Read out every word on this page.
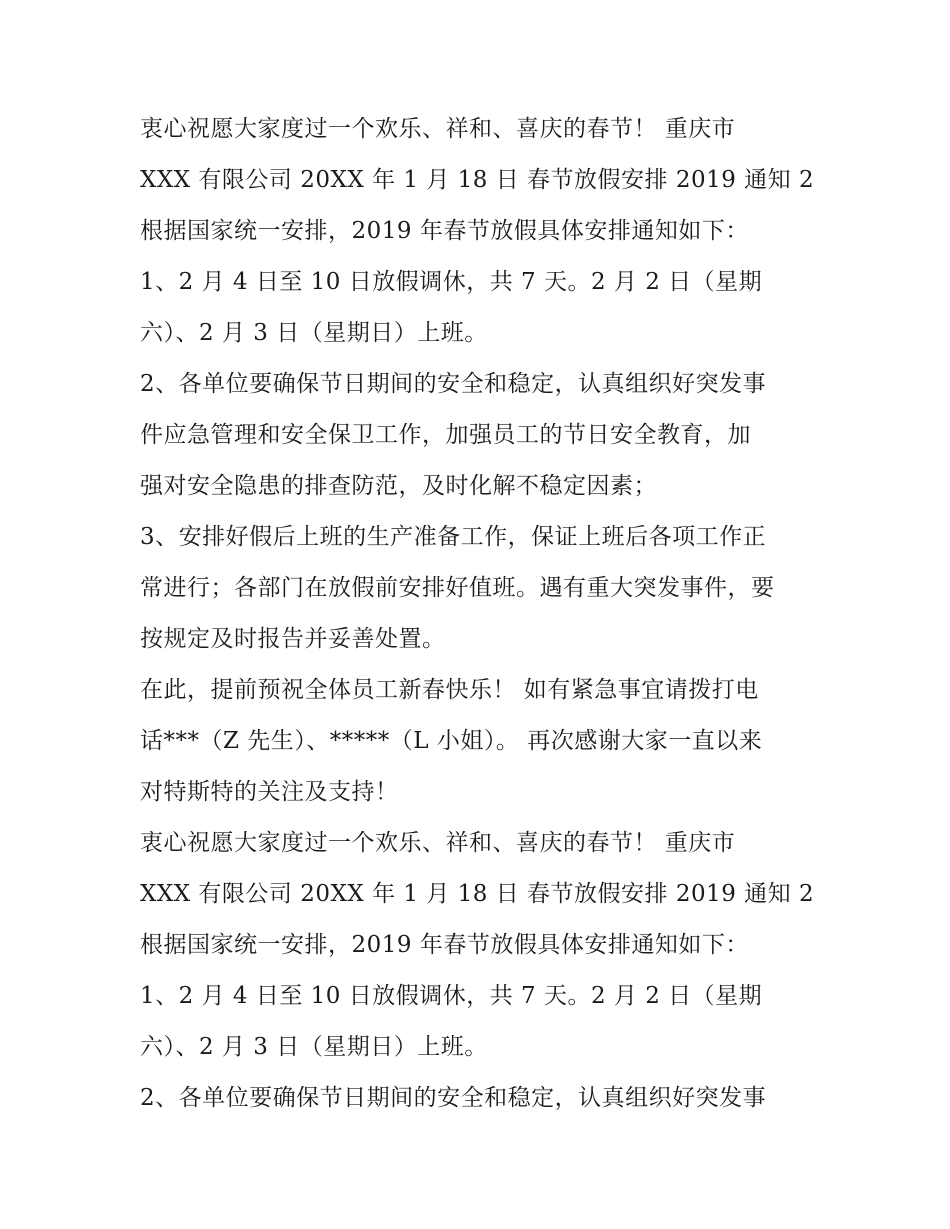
衷心祝愿大家度过一个欢乐、祥和、喜庆的春节！ 重庆市

XXX 有限公司 20XX 年 1 月 18 日 春节放假安排 2019 通知 2

根据国家统一安排，2019 年春节放假具体安排通知如下：

1、2 月 4 日至 10 日放假调休，共 7 天。2 月 2 日（星期

六）、2 月 3 日（星期日）上班。

2、各单位要确保节日期间的安全和稳定，认真组织好突发事

件应急管理和安全保卫工作，加强员工的节日安全教育，加

强对安全隐患的排查防范，及时化解不稳定因素；

3、安排好假后上班的生产准备工作，保证上班后各项工作正

常进行；各部门在放假前安排好值班。遇有重大突发事件，要

按规定及时报告并妥善处置。

在此，提前预祝全体员工新春快乐！ 如有紧急事宜请拨打电

话***（Z 先生）、*****（L 小姐）。 再次感谢大家一直以来

对特斯特的关注及支持！

衷心祝愿大家度过一个欢乐、祥和、喜庆的春节！ 重庆市

XXX 有限公司 20XX 年 1 月 18 日 春节放假安排 2019 通知 2

根据国家统一安排，2019 年春节放假具体安排通知如下：

1、2 月 4 日至 10 日放假调休，共 7 天。2 月 2 日（星期

六）、2 月 3 日（星期日）上班。

2、各单位要确保节日期间的安全和稳定，认真组织好突发事
